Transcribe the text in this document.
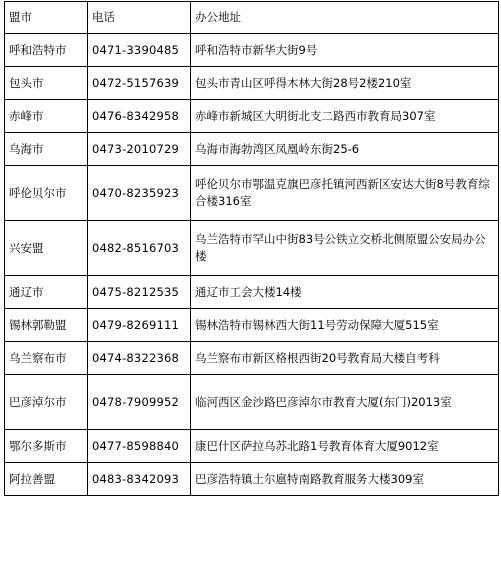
盟市	电话	办公地址
呼和浩特市	0471-3390485	呼和浩特市新华大街9号
包头市	0472-5157639	包头市青山区呼得木林大街28号2楼210室
赤峰市	0476-8342958	赤峰市新城区大明街北支二路西市教育局307室
乌海市	0473-2010729	乌海市海勃湾区凤凰岭东街25-6
呼伦贝尔市	0470-8235923	呼伦贝尔市鄂温克旗巴彦托镇河西新区安达大街8号教育综合楼316室
兴安盟	0482-8516703	乌兰浩特市罕山中街83号公铁立交桥北侧原盟公安局办公楼
通辽市	0475-8212535	通辽市工会大楼14楼
锡林郭勒盟	0479-8269111	锡林浩特市锡林西大街11号劳动保障大厦515室
乌兰察布市	0474-8322368	乌兰察布市新区格根西街20号教育局大楼自考科
巴彦淖尔市	0478-7909952	临河西区金沙路巴彦淖尔市教育大厦(东门)2013室
鄂尔多斯市	0477-8598840	康巴什区萨拉乌苏北路1号教育体育大厦9012室
阿拉善盟	0483-8342093	巴彦浩特镇土尔扈特南路教育服务大楼309室
